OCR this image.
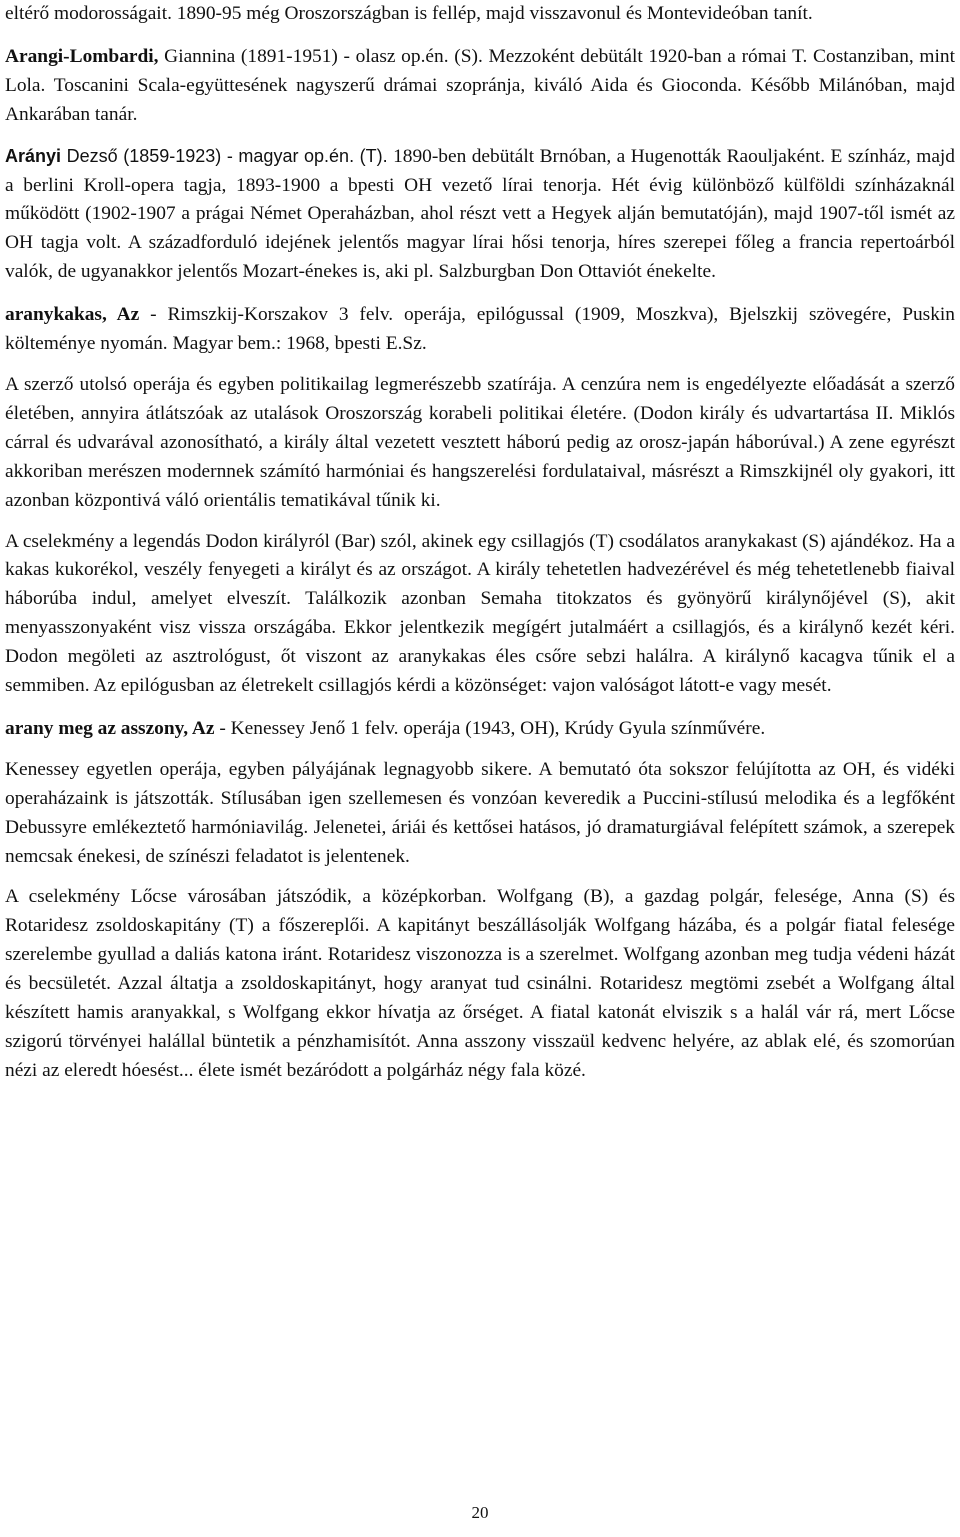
eltérő modorosságait. 1890-95 még Oroszországban is fellép, majd visszavonul és Montevideóban tanít.

Arangi-Lombardi, Giannina (1891-1951) - olasz op.én. (S). Mezzoként debütált 1920-ban a római T. Costanziban, mint Lola. Toscanini Scala-együttesének nagyszerű drámai szopránja, kiváló Aida és Gioconda. Később Milánóban, majd Ankarában tanár.

Arányi Dezső (1859-1923) - magyar op.én. (T). 1890-ben debütált Brnóban, a Hugenották Raouljaként. E színház, majd a berlini Kroll-opera tagja, 1893-1900 a bpesti OH vezető lírai tenorja. Hét évig különböző külföldi színházaknál működött (1902-1907 a prágai Német Operaházban, ahol részt vett a Hegyek alján bemutatóján), majd 1907-től ismét az OH tagja volt. A századforduló idejének jelentős magyar lírai hősi tenorja, híres szerepei főleg a francia repertoárból valók, de ugyanakkor jelentős Mozart-énekes is, aki pl. Salzburgban Don Ottaviót énekelte.

aranykakas, Az - Rimszkij-Korszakov 3 felv. operája, epilógussal (1909, Moszkva), Bjelszkij szövegére, Puskin költeménye nyomán. Magyar bem.: 1968, bpesti E.Sz.

A szerző utolsó operája és egyben politikailag legmerészebb szatírája. A cenzúra nem is engedélyezte előadását a szerző életében, annyira átlátszóak az utalások Oroszország korabeli politikai életére. (Dodon király és udvartartása II. Miklós cárral és udvarával azonosítható, a király által vezetett vesztett háború pedig az orosz-japán háborúval.) A zene egyrészt akkoriban merészen modernnek számító harmóniai és hangszerelési fordulataival, másrészt a Rimszkijnél oly gyakori, itt azonban központivá váló orientális tematikával tűnik ki.

A cselekmény a legendás Dodon királyról (Bar) szól, akinek egy csillagjós (T) csodálatos aranykakast (S) ajándékoz. Ha a kakas kukorékol, veszély fenyegeti a királyt és az országot. A király tehetetlen hadvezérével és még tehetetlenebb fiaival háborúba indul, amelyet elveszít. Találkozik azonban Semaha titokzatos és gyönyörű királynőjével (S), akit menyasszonyaként visz vissza országába. Ekkor jelentkezik megígért jutalmáért a csillagjós, és a királynő kezét kéri. Dodon megöleti az asztrológust, őt viszont az aranykakas éles csőre sebzi halálra. A királynő kacagva tűnik el a semmiben. Az epilógusban az életrekelt csillagjós kérdi a közönséget: vajon valóságot látott-e vagy mesét.

arany meg az asszony, Az - Kenessey Jenő 1 felv. operája (1943, OH), Krúdy Gyula színművére.

Kenessey egyetlen operája, egyben pályájának legnagyobb sikere. A bemutató óta sokszor felújította az OH, és vidéki operaházaink is játszották. Stílusában igen szellemesen és vonzóan keveredik a Puccini-stílusú melodika és a legfőként Debussyre emlékeztető harmóniavilág. Jelenetei, áriái és kettősei hatásos, jó dramaturgiával felépített számok, a szerepek nemcsak énekesi, de színészi feladatot is jelentenek.

A cselekmény Lőcse városában játszódik, a középkorban. Wolfgang (B), a gazdag polgár, felesége, Anna (S) és Rotaridesz zsoldoskapitány (T) a főszereplői. A kapitányt beszállásolják Wolfgang házába, és a polgár fiatal felesége szerelembe gyullad a daliás katona iránt. Rotaridesz viszonozza is a szerelmet. Wolfgang azonban meg tudja védeni házát és becsületét. Azzal áltatja a zsoldoskapitányt, hogy aranyat tud csinálni. Rotaridesz megtömi zsebét a Wolfgang által készített hamis aranyakkal, s Wolfgang ekkor hívatja az őrséget. A fiatal katonát elviszik s a halál vár rá, mert Lőcse szigorú törvényei halállal büntetik a pénzhamisítót. Anna asszony visszaül kedvenc helyére, az ablak elé, és szomorúan nézi az eleredt hóesést... élete ismét bezáródott a polgárház négy fala közé.

20
